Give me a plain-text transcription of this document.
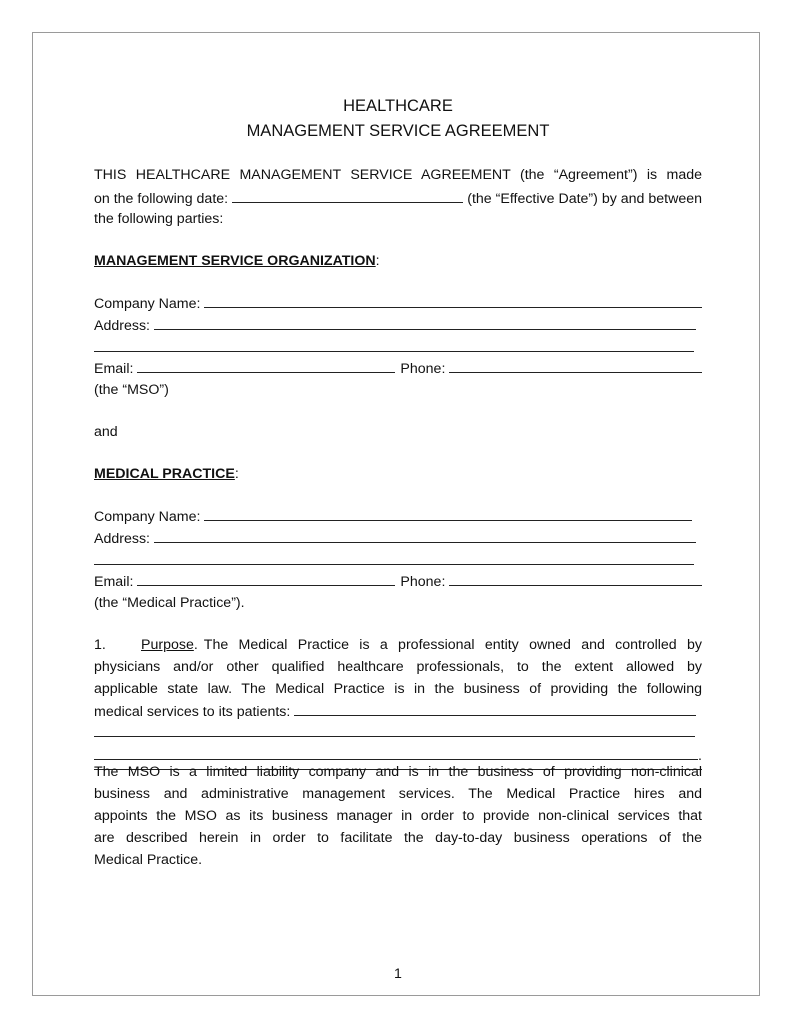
HEALTHCARE
MANAGEMENT SERVICE AGREEMENT
THIS HEALTHCARE MANAGEMENT SERVICE AGREEMENT (the “Agreement”) is made
on the following date:	(the “Effective Date”) by and between
the following parties:
MANAGEMENT SERVICE ORGANIZATION:
Company Name:
Address:
Email:	Phone:
(the “MSO”)
and
MEDICAL PRACTICE:
Company Name:
Address:
Email:	Phone:
(the “Medical Practice”).
1.	Purpose . The Medical Practice is a professional entity owned and controlled by
physicians and/or other qualified healthcare professionals, to the extent allowed by
applicable state law. The Medical Practice is in the business of providing the following
medical services to its patients:
.
The MSO is a limited liability company and is in the business of providing non-clinical
business and administrative management services. The Medical Practice hires and
appoints the MSO as its business manager in order to provide non-clinical services that
are described herein in order to facilitate the day-to-day business operations of the
Medical Practice.
1
